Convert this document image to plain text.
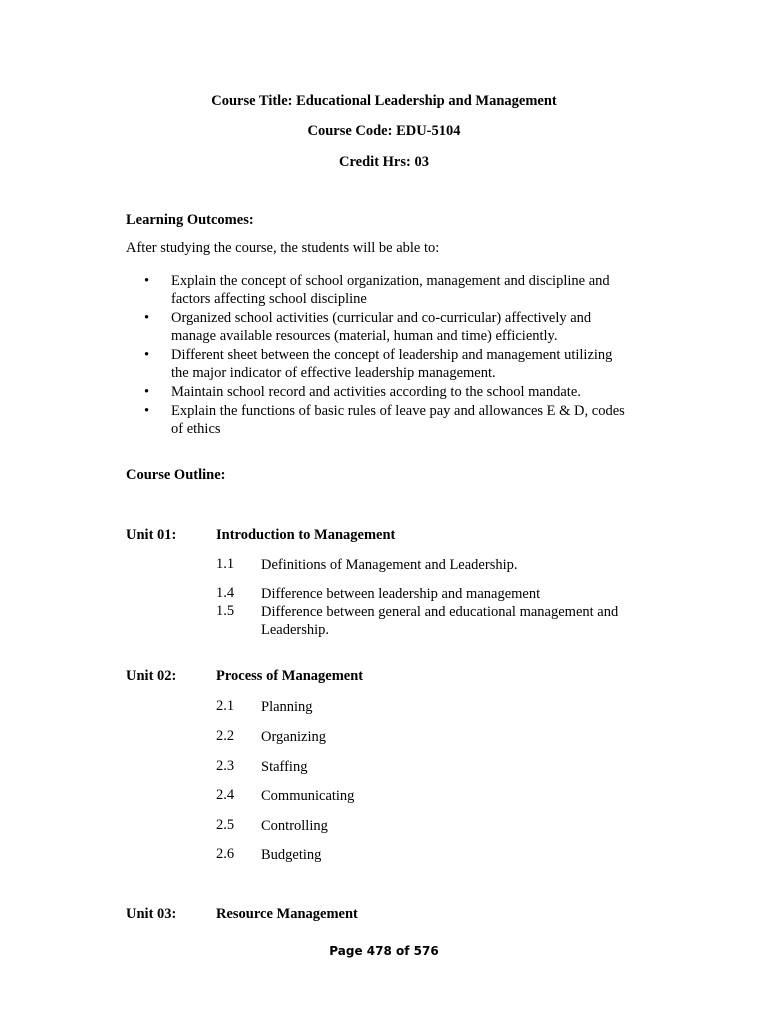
Course Title: Educational Leadership and Management

Course Code: EDU-5104

Credit Hrs: 03

Learning Outcomes:

After studying the course, the students will be able to:

• Explain the concept of school organization, management and discipline and factors affecting school discipline
• Organized school activities (curricular and co-curricular) affectively and manage available resources (material, human and time) efficiently.
• Different sheet between the concept of leadership and management utilizing the major indicator of effective leadership management.
• Maintain school record and activities according to the school mandate.
• Explain the functions of basic rules of leave pay and allowances E & D, codes of ethics

Course Outline:

Unit 01:	Introduction to Management

1.1 Definitions of Management and Leadership.

1.4 Difference between leadership and management

1.5 Difference between general and educational management and Leadership.

Unit 02:	Process of Management

2.1 Planning

2.2 Organizing

2.3 Staffing

2.4 Communicating

2.5 Controlling

2.6 Budgeting

Unit 03:	Resource Management

Page 478 of 576
